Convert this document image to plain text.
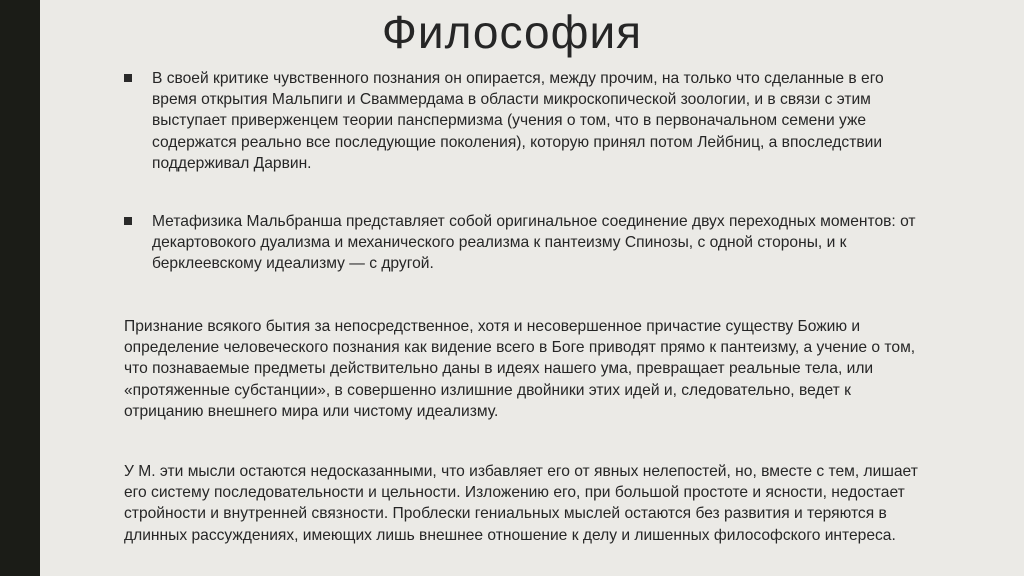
Философия
В своей критике чувственного познания он опирается, между прочим, на только что сделанные в его время открытия Мальпиги и Сваммердама в области микроскопической зоологии, и в связи с этим выступает приверженцем теории панспермизма (учения о том, что в первоначальном семени уже содержатся реально все последующие поколения), которую принял потом Лейбниц, а впоследствии поддерживал Дарвин.
Метафизика Мальбранша представляет собой оригинальное соединение двух переходных моментов: от декартовокого дуализма и механического реализма к пантеизму Спинозы, с одной стороны, и к берклеевскому идеализму — с другой.

Признание всякого бытия за непосредственное, хотя и несовершенное причастие существу Божию и определение человеческого познания как видение всего в Боге приводят прямо к пантеизму, а учение о том, что познаваемые предметы действительно даны в идеях нашего ума, превращает реальные тела, или «протяженные субстанции», в совершенно излишние двойники этих идей и, следовательно, ведет к отрицанию внешнего мира или чистому идеализму.

У М. эти мысли остаются недосказанными, что избавляет его от явных нелепостей, но, вместе с тем, лишает его систему последовательности и цельности. Изложению его, при большой простоте и ясности, недостает стройности и внутренней связности. Проблески гениальных мыслей остаются без развития и теряются в длинных рассуждениях, имеющих лишь внешнее отношение к делу и лишенных философского интереса.
